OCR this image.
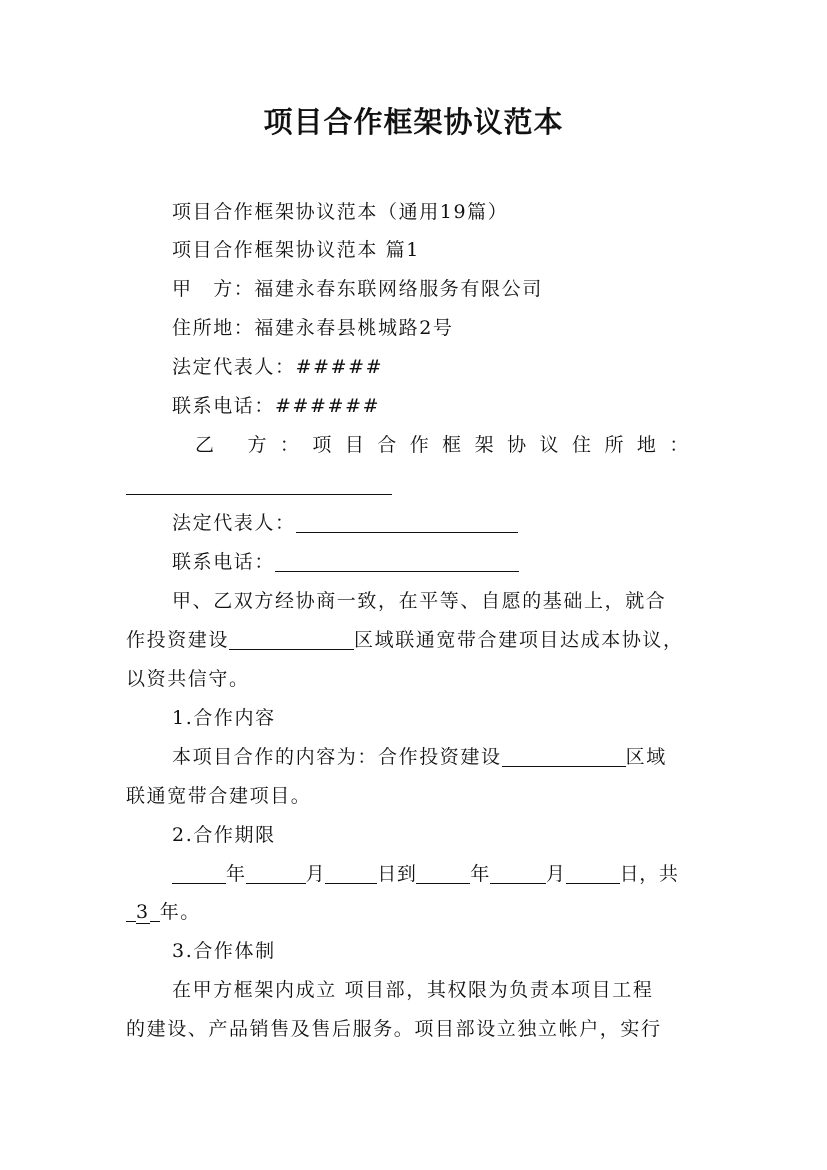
项目合作框架协议范本

项目合作框架协议范本（通用19篇）

项目合作框架协议范本 篇1

甲　方：福建永春东联网络服务有限公司

住所地：福建永春县桃城路2号

法定代表人：#####

联系电话：######

乙 方 ： 项 目 合 作 框 架 协 议 住 所 地 ：

法定代表人：

联系电话：

甲、乙双方经协商一致，在平等、自愿的基础上，就合

作投资建设	区域联通宽带合建项目达成本协议，

以资共信守。

1.合作内容

本项目合作的内容为：合作投资建设	区域

联通宽带合建项目。

2.合作期限

年	月	日到	年	月	日，共

3 年。

3.合作体制

在甲方框架内成立 项目部，其权限为负责本项目工程

的建设、产品销售及售后服务。项目部设立独立帐户，实行
